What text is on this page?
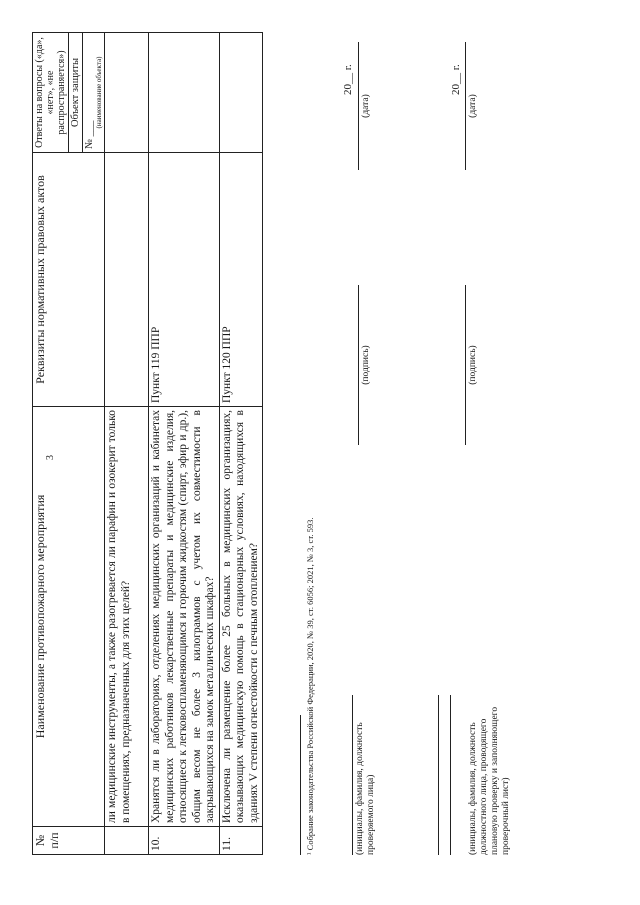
3
№ п/п	Наименование противопожарного мероприятия	Реквизиты нормативных правовых актов	Ответы на вопросы («да», «нет», «не распространяется»)
			Объект защиты
			№ ___
(наименование объекта)

	ли медицинские инструменты, а также разогревается ли парафин и озокерит только в помещениях, предназначенных для этих целей?		
10.	Хранятся ли в лабораториях, отделениях медицинских организаций и кабинетах медицинских работников лекарственные препараты и медицинские изделия, относящиеся к легковоспламеняющимся и горючим жидкостям (спирт, эфир и др.), общим весом не более 3 килограммов с учетом их совместимости в закрывающихся на замок металлических шкафах?	Пункт 119 ППР	
11.	Исключена ли размещение более 25 больных в медицинских организациях, оказывающих медицинскую помощь в стационарных условиях, находящихся в зданиях V степени огнестойкости с печным отоплением?	Пункт 120 ППР	
¹ Собрание законодательства Российской Федерации, 2020, № 39, ст. 6056; 2021, № 3, ст. 593.	(инициалы, фамилия, должность проверяемого лица)
(подпись)
(дата)
20__ г.
(инициалы, фамилия, должность должностного лица, проводящего плановую проверку и заполняющего проверочный лист)
(подпись)
(дата)
20__ г.
